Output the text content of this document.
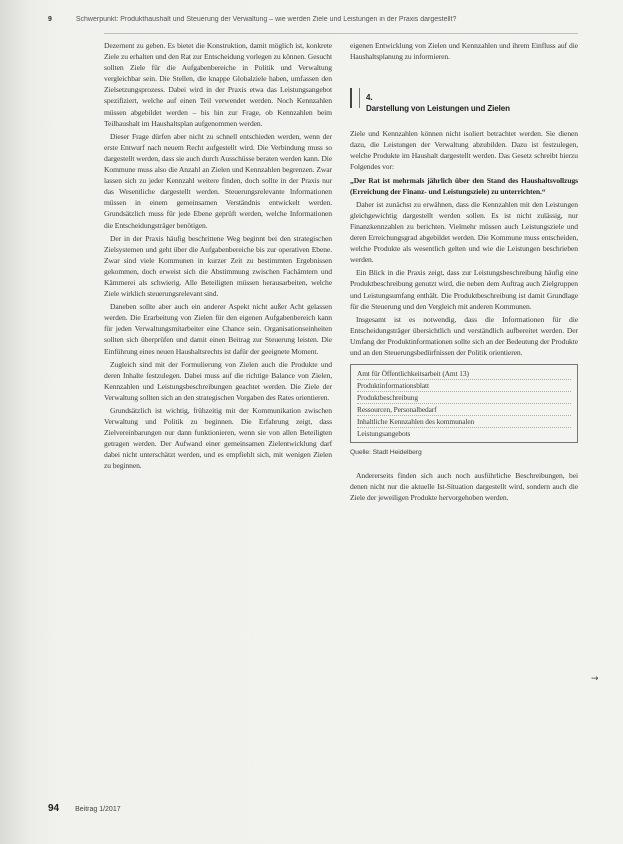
9	Schwerpunkt: Produkthaushalt und Steuerung der Verwaltung – wie werden Ziele und Leistungen in der Praxis dargestellt?

Dezernent zu geben. Es bietet die Konstruktion, damit möglich ist, konkrete Ziele zu erhalten und den Rat zur Entscheidung vorlegen zu können. Gesucht sollten Ziele für die Aufgabenbereiche in Politik und Verwaltung vergleichbar sein. Die Stellen, die knappe Globalziele haben, umfassen den Zielsetzungsprozess. Dabei wird in der Praxis etwa das Leistungsangebot spezifiziert, welche auf einen Teil verwendet werden. Noch Kennzahlen müssen abgebildet werden – bis hin zur Frage, ob Kennzahlen beim Teilhaushalt im Haushaltsplan aufgenommen werden.

Dieser Frage dürfen aber nicht zu schnell entschieden werden, wenn der erste Entwurf nach neuem Recht aufgestellt wird. Die Verbindung muss so dargestellt werden, dass sie auch durch Ausschüsse beraten werden kann. Die Kommune muss also die Anzahl an Zielen und Kennzahlen begrenzen. Zwar lassen sich zu jeder Kennzahl weitere finden, doch sollte in der Praxis nur das Wesentliche dargestellt werden. Steuerungsrelevante Informationen müssen in einem gemeinsamen Verständnis entwickelt werden. Grundsätzlich muss für jede Ebene geprüft werden, welche Informationen die Entscheidungsträger benötigen.

Der in der Praxis häufig beschrittene Weg beginnt bei den strategischen Zielsystemen und geht über die Aufgabenbereiche bis zur operativen Ebene. Zwar sind viele Kommunen in kurzer Zeit zu bestimmten Ergebnissen gekommen, doch erweist sich die Abstimmung zwischen Fachämtern und Kämmerei als schwierig. Alle Beteiligten müssen herausarbeiten, welche Ziele wirklich steuerungsrelevant sind.

Daneben sollte aber auch ein anderer Aspekt nicht außer Acht gelassen werden. Die Erarbeitung von Zielen für den eigenen Aufgabenbereich kann für jeden Verwaltungsmitarbeiter eine Chance sein. Organisationseinheiten sollten sich überprüfen und damit einen Beitrag zur Steuerung leisten. Die Einführung eines neuen Haushaltsrechts ist dafür der geeignete Moment.

Zugleich sind mit der Formulierung von Zielen auch die Produkte und deren Inhalte festzulegen. Dabei muss auf die richtige Balance von Zielen, Kennzahlen und Leistungsbeschreibungen geachtet werden. Die Ziele der Verwaltung sollten sich an den strategischen Vorgaben des Rates orientieren.

Grundsätzlich ist wichtig, frühzeitig mit der Kommunikation zwischen Verwaltung und Politik zu beginnen. Die Erfahrung zeigt, dass Zielvereinbarungen nur dann funktionieren, wenn sie von allen Beteiligten getragen werden. Der Aufwand einer gemeinsamen Zielentwicklung darf dabei nicht unterschätzt werden, und es empfiehlt sich, mit wenigen Zielen zu beginnen.

eigenen Entwicklung von Zielen und Kennzahlen und ihrem Einfluss auf die Haushaltsplanung zu informieren.

4.
Darstellung von Leistungen und Zielen

Ziele und Kennzahlen können nicht isoliert betrachtet werden. Sie dienen dazu, die Leistungen der Verwaltung abzubilden. Dazu ist festzulegen, welche Produkte im Haushalt dargestellt werden. Das Gesetz schreibt hierzu Folgendes vor:

„Der Rat ist mehrmals jährlich über den Stand des Haushaltsvollzugs (Erreichung der Finanz- und Leistungsziele) zu unterrichten.“

Daher ist zunächst zu erwähnen, dass die Kennzahlen mit den Leistungen gleichgewichtig dargestellt werden sollen. Es ist nicht zulässig, nur Finanzkennzahlen zu berichten. Vielmehr müssen auch Leistungsziele und deren Erreichungsgrad abgebildet werden. Die Kommune muss entscheiden, welche Produkte als wesentlich gelten und wie die Leistungen beschrieben werden.

Ein Blick in die Praxis zeigt, dass zur Leistungsbeschreibung häufig eine Produktbeschreibung genutzt wird, die neben dem Auftrag auch Zielgruppen und Leistungsumfang enthält. Die Produktbeschreibung ist damit Grundlage für die Steuerung und den Vergleich mit anderen Kommunen.

Insgesamt ist es notwendig, dass die Informationen für die Entscheidungsträger übersichtlich und verständlich aufbereitet werden. Der Umfang der Produktinformationen sollte sich an der Bedeutung der Produkte und an den Steuerungsbedürfnissen der Politik orientieren.

Amt für Öffentlichkeitsarbeit (Amt 13)
Produktinformationsblatt
Produktbeschreibung
Ressourcen, Personalbedarf
Inhaltliche Kennzahlen des kommunalen
Leistungsangebots
Quelle: Stadt Heidelberg

Andererseits finden sich auch noch ausführliche Beschreibungen, bei denen nicht nur die aktuelle Ist-Situation dargestellt wird, sondern auch die Ziele der jeweiligen Produkte hervorgehoben werden.

→
94 Beitrag 1/2017
